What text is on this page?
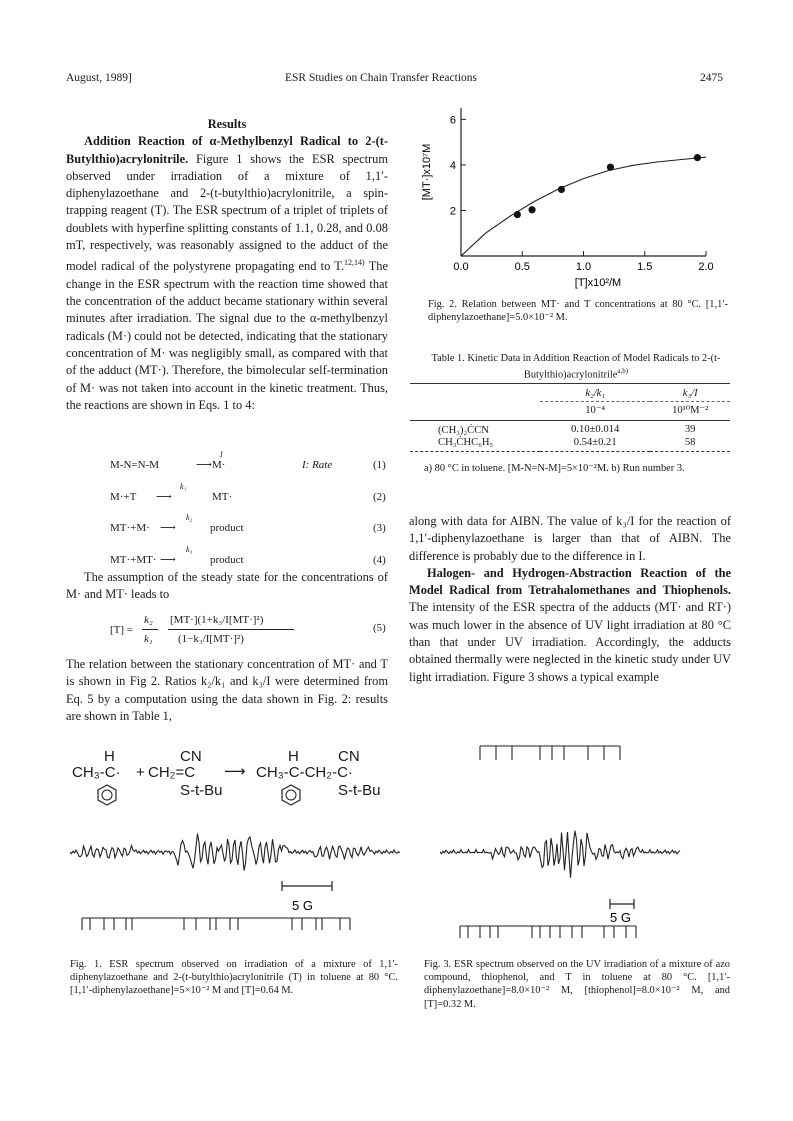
August, 1989]	ESR Studies on Chain Transfer Reactions	2475

Results

Addition Reaction of α-Methylbenzyl Radical to 2-(t-Butylthio)acrylonitrile. Figure 1 shows the ESR spectrum observed under irradiation of a mixture of 1,1′-diphenylazoethane and 2-(t-butylthio)acrylonitrile, a spin-trapping reagent (T). The ESR spectrum of a triplet of triplets of doublets with hyperfine splitting constants of 1.1, 0.28, and 0.08 mT, respectively, was reasonably assigned to the adduct of the model radical of the polystyrene propagating end to T.$^{12,14)}$ The change in the ESR spectrum with the reaction time showed that the concentration of the adduct became stationary within several minutes after irradiation. The signal due to the α-methylbenzyl radicals (M·) could not be detected, indicating that the stationary concentration of M· was negligibly small, as compared with that of the adduct (MT·). Therefore, the bimolecular self-termination of M· was not taken into account in the kinetic treatment. Thus, the reactions are shown in Eqs. 1 to 4:

M-N=N-M
I
⟶ M·	I: Rate	(1)
M·+T
k₁
⟶	MT·	(2)
MT·+M·
k₂
⟶	product	(3)
MT·+MT·
k₃
⟶	product	(4)

The assumption of the steady state for the concentrations of M· and MT· leads to

[T] =
k₂
k₁
[MT·](1+k₃/I[MT·]²)
(1−k₃/I[MT·]²)
(5)

The relation between the stationary concentration of MT· and T is shown in Fig 2. Ratios k₂/k₁ and k₃/I were determined from Eq. 5 by a computation using the data shown in Fig. 2: results are shown in Table 1,

0.0	0.5	1.0	1.5	2.0
2
4
6
[MT·]x10⁷M
[T]x10²/M
Fig. 2. Relation between MT· and T concentrations at 80 °C. [1,1′-diphenylazoethane]=5.0×10⁻² M.
Table 1. Kinetic Data in Addition Reaction of Model Radicals to 2-(t-Butylthio)acrylonitrile$^{a,b)}$
	k₂/k₁	k₃/I
	10⁻⁴	10¹⁰M⁻²
(CH₃)₂ĊCN	0.10±0.014	39
CH₃ĊHC₆H₅	0.54±0.21	58
a) 80 °C in toluene. [M-N=N-M]=5×10⁻²M. b) Run number 3.

along with data for AIBN. The value of k₃/I for the reaction of 1,1′-diphenylazoethane is larger than that of AIBN. The difference is probably due to the difference in I.

Halogen- and Hydrogen-Abstraction Reaction of the Model Radical from Tetrahalomethanes and Thiophenols. The intensity of the ESR spectra of the adducts (MT· and RT·) was much lower in the absence of UV light irradiation at 80 °C than that under UV irradiation. Accordingly, the adducts obtained thermally were neglected in the kinetic study under UV light irradiation. Figure 3 shows a typical example

H
CH₃-C· +
CN
CH₂=C
S-t-Bu
⟶
H	CN
CH₃-C-CH₂-C·
S-t-Bu
5 G
Fig. 1. ESR spectrum observed on irradiation of a mixture of 1,1′-diphenylazoethane and 2-(t-butylthio)acrylonitrile (T) in toluene at 80 °C. [1,1′-diphenylazoethane]=5×10⁻² M and [T]=0.64 M.
5 G
Fig. 3. ESR spectrum observed on the UV irradiation of a mixture of azo compound, thiophenol, and T in toluene at 80 °C. [1,1′-diphenylazoethane]=8.0×10⁻² M, [thiophenol]=8.0×10⁻² M, and [T]=0.32 M.
